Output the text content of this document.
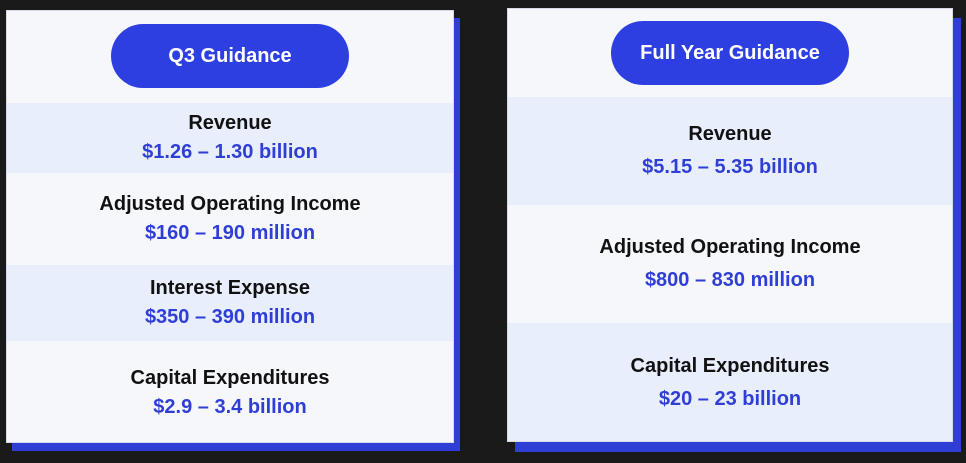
Q3 Guidance
Revenue
$1.26 – 1.30 billion
Adjusted Operating Income
$160 – 190 million
Interest Expense
$350 – 390 million
Capital Expenditures
$2.9 – 3.4 billion
Full Year Guidance
Revenue
$5.15 – 5.35 billion
Adjusted Operating Income
$800 – 830 million
Capital Expenditures
$20 – 23 billion
